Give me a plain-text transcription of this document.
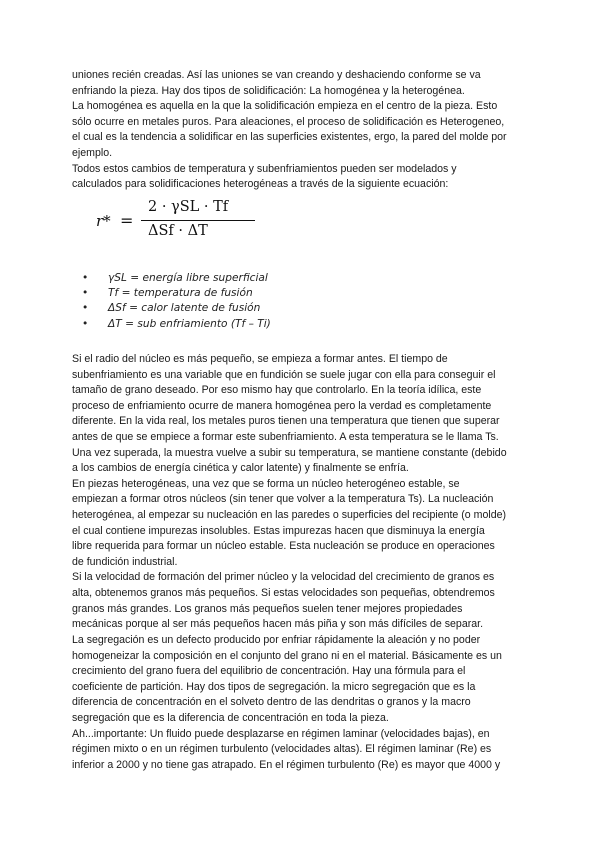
uniones recién creadas. Así las uniones se van creando y deshaciendo conforme se va

enfriando la pieza. Hay dos tipos de solidificación: La homogénea y la heterogénea.

La homogénea es aquella en la que la solidificación empieza en el centro de la pieza. Esto

sólo ocurre en metales puros. Para aleaciones, el proceso de solidificación es Heterogeneo,

el cual es la tendencia a solidificar en las superficies existentes, ergo, la pared del molde por

ejemplo.

Todos estos cambios de temperatura y subenfriamientos pueden ser modelados y

calculados para solidificaciones heterogéneas a través de la siguiente ecuación:

r* =
2 · γSL · Tf
ΔSf · ΔT
• γSL = energía libre superficial
• Tf = temperatura de fusión
• ΔSf = calor latente de fusión
• ΔT = sub enfriamiento (Tf – Ti)

Si el radio del núcleo es más pequeño, se empieza a formar antes. El tiempo de

subenfriamiento es una variable que en fundición se suele jugar con ella para conseguir el

tamaño de grano deseado. Por eso mismo hay que controlarlo. En la teoría idílica, este

proceso de enfriamiento ocurre de manera homogénea pero la verdad es completamente

diferente. En la vida real, los metales puros tienen una temperatura que tienen que superar

antes de que se empiece a formar este subenfriamiento. A esta temperatura se le llama Ts.

Una vez superada, la muestra vuelve a subir su temperatura, se mantiene constante (debido

a los cambios de energía cinética y calor latente) y finalmente se enfría.

En piezas heterogéneas, una vez que se forma un núcleo heterogéneo estable, se

empiezan a formar otros núcleos (sin tener que volver a la temperatura Ts). La nucleación

heterogénea, al empezar su nucleación en las paredes o superficies del recipiente (o molde)

el cual contiene impurezas insolubles. Estas impurezas hacen que disminuya la energía

libre requerida para formar un núcleo estable. Esta nucleación se produce en operaciones

de fundición industrial.

Si la velocidad de formación del primer núcleo y la velocidad del crecimiento de granos es

alta, obtenemos granos más pequeños. Si estas velocidades son pequeñas, obtendremos

granos más grandes. Los granos más pequeños suelen tener mejores propiedades

mecánicas porque al ser más pequeños hacen más piña y son más difíciles de separar.

La segregación es un defecto producido por enfriar rápidamente la aleación y no poder

homogeneizar la composición en el conjunto del grano ni en el material. Básicamente es un

crecimiento del grano fuera del equilibrio de concentración. Hay una fórmula para el

coeficiente de partición. Hay dos tipos de segregación. la micro segregación que es la

diferencia de concentración en el solveto dentro de las dendritas o granos y la macro

segregación que es la diferencia de concentración en toda la pieza.

Ah...importante: Un fluido puede desplazarse en régimen laminar (velocidades bajas), en

régimen mixto o en un régimen turbulento (velocidades altas). El régimen laminar (Re) es

inferior a 2000 y no tiene gas atrapado. En el régimen turbulento (Re) es mayor que 4000 y
